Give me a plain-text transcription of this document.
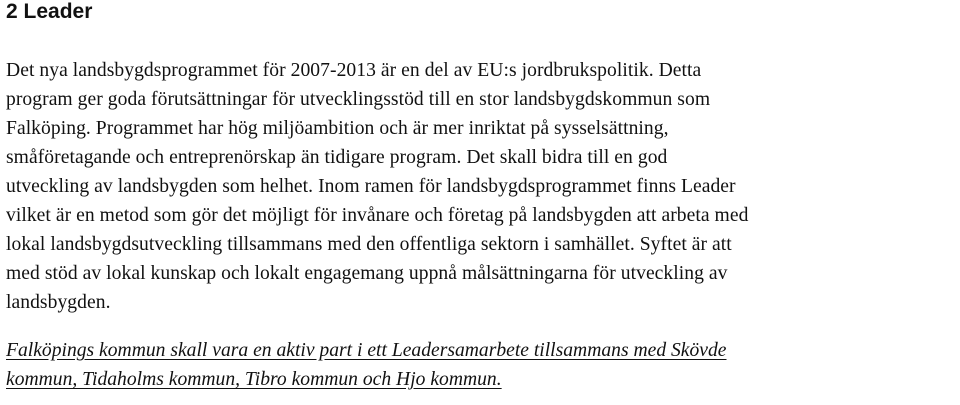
2 Leader
Det nya landsbygdsprogrammet för 2007-2013 är en del av EU:s jordbrukspolitik. Detta
program ger goda förutsättningar för utvecklingsstöd till en stor landsbygdskommun som
Falköping. Programmet har hög miljöambition och är mer inriktat på sysselsättning,
småföretagande och entreprenörskap än tidigare program. Det skall bidra till en god
utveckling av landsbygden som helhet. Inom ramen för landsbygdsprogrammet finns Leader
vilket är en metod som gör det möjligt för invånare och företag på landsbygden att arbeta med
lokal landsbygdsutveckling tillsammans med den offentliga sektorn i samhället. Syftet är att
med stöd av lokal kunskap och lokalt engagemang uppnå målsättningarna för utveckling av
landsbygden.
Falköpings kommun skall vara en aktiv part i ett Leadersamarbete tillsammans med Skövde
kommun, Tidaholms kommun, Tibro kommun och Hjo kommun.
